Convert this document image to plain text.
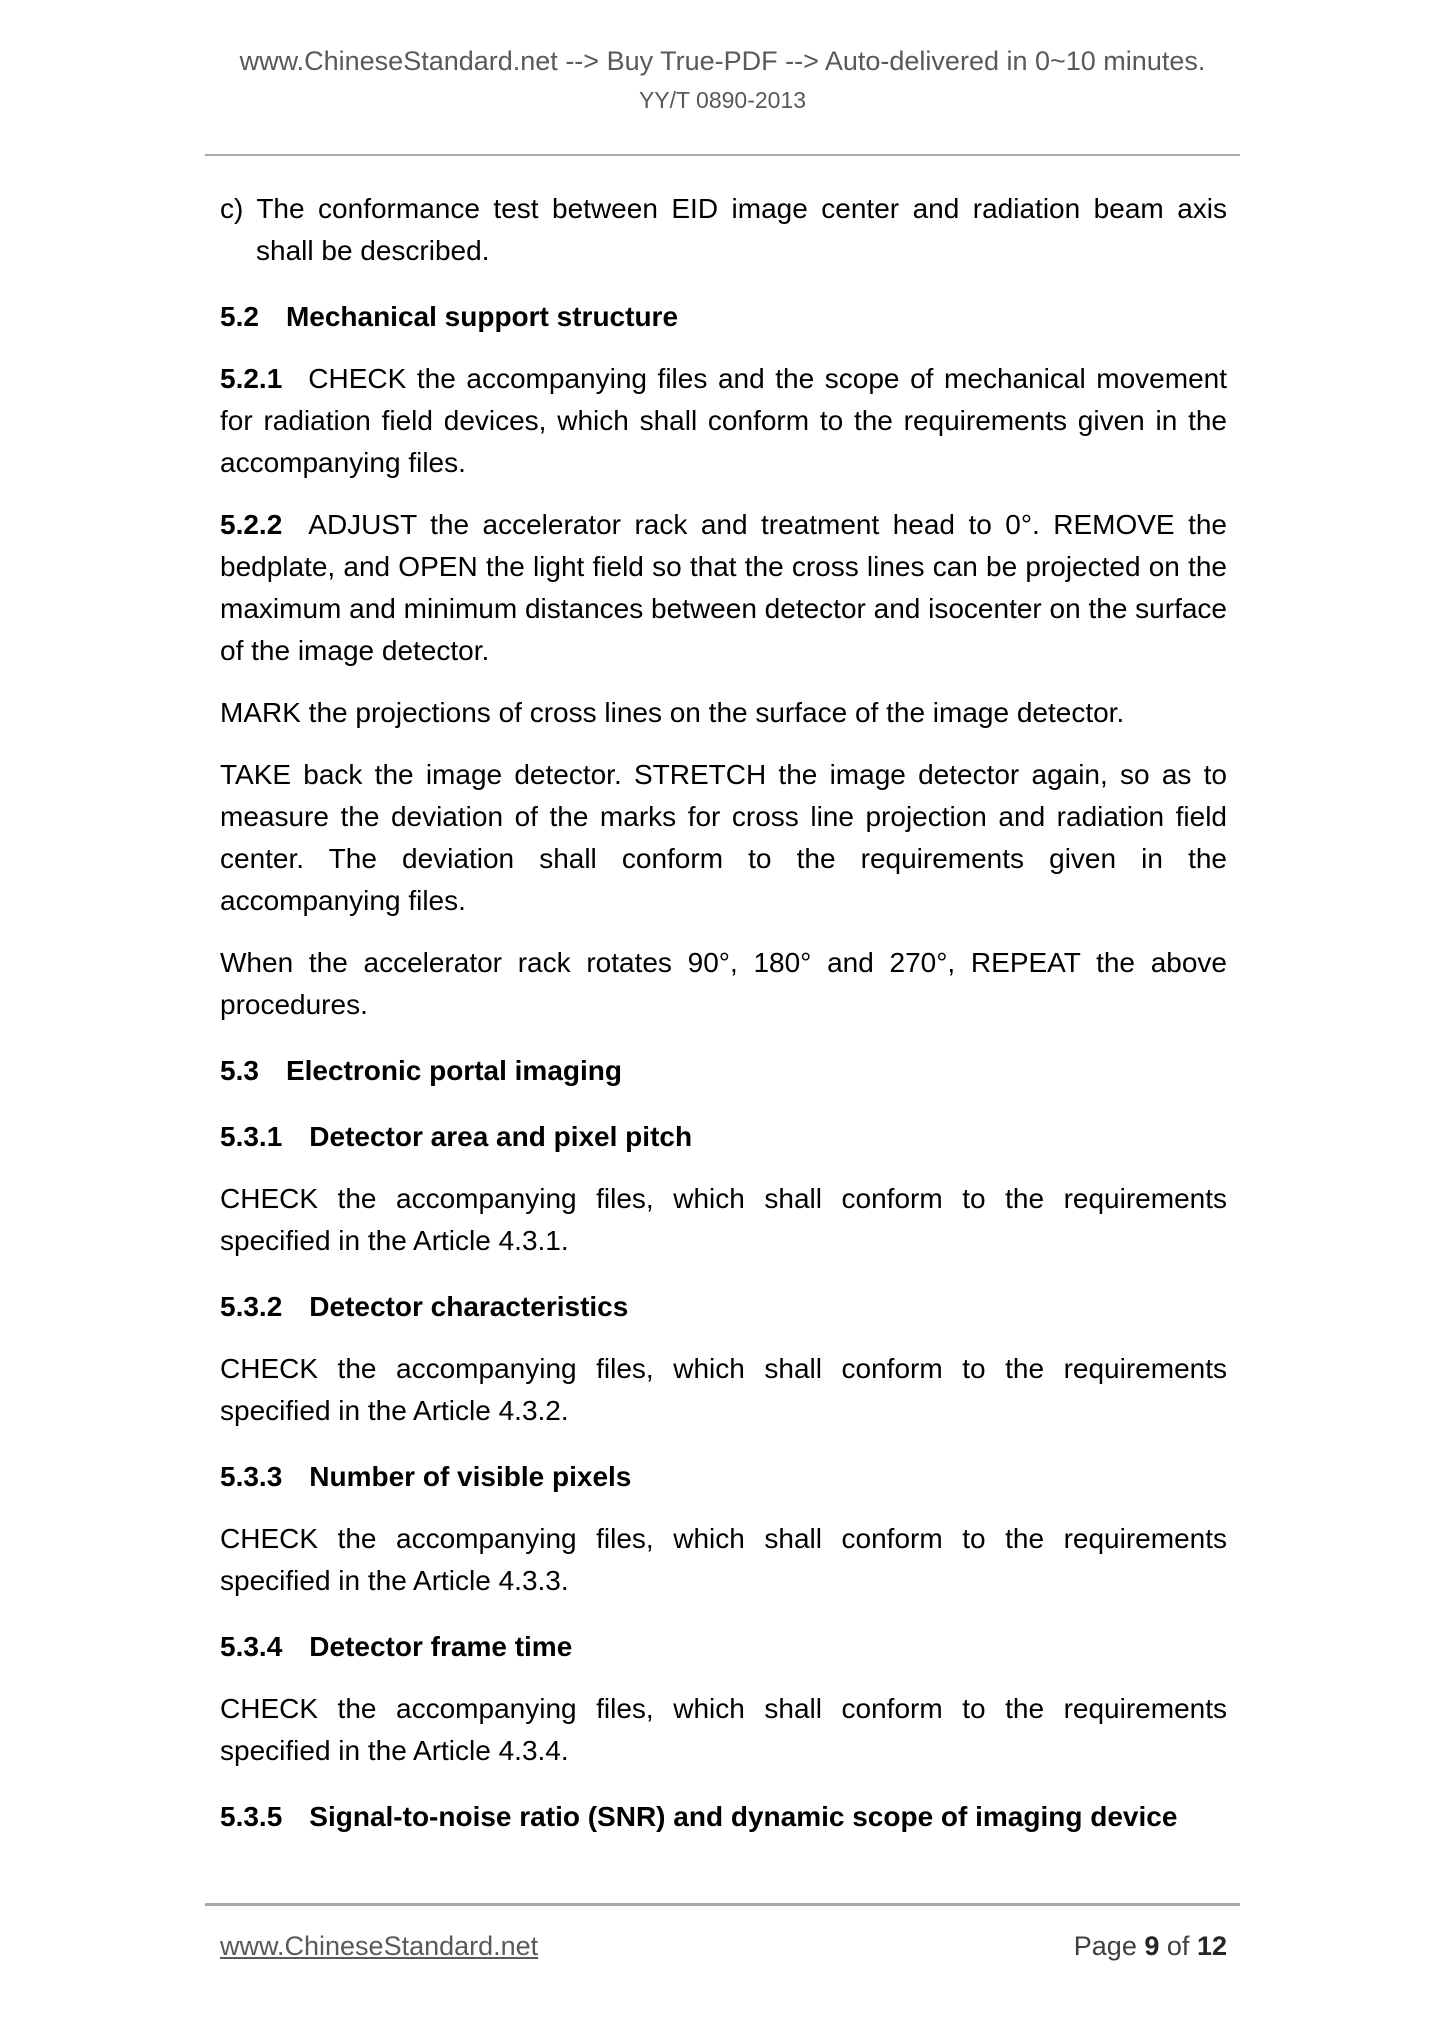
www.ChineseStandard.net --> Buy True-PDF --> Auto-delivered in 0~10 minutes.
YY/T 0890-2013

c) The conformance test between EID image center and radiation beam axis shall be described.

5.2 Mechanical support structure

5.2.1 CHECK the accompanying files and the scope of mechanical movement for radiation field devices, which shall conform to the requirements given in the accompanying files.

5.2.2 ADJUST the accelerator rack and treatment head to 0°. REMOVE the bedplate, and OPEN the light field so that the cross lines can be projected on the maximum and minimum distances between detector and isocenter on the surface of the image detector.

MARK the projections of cross lines on the surface of the image detector.

TAKE back the image detector. STRETCH the image detector again, so as to measure the deviation of the marks for cross line projection and radiation field center. The deviation shall conform to the requirements given in the accompanying files.

When the accelerator rack rotates 90°, 180° and 270°, REPEAT the above procedures.

5.3 Electronic portal imaging

5.3.1 Detector area and pixel pitch

CHECK the accompanying files, which shall conform to the requirements specified in the Article 4.3.1.

5.3.2 Detector characteristics

CHECK the accompanying files, which shall conform to the requirements specified in the Article 4.3.2.

5.3.3 Number of visible pixels

CHECK the accompanying files, which shall conform to the requirements specified in the Article 4.3.3.

5.3.4 Detector frame time

CHECK the accompanying files, which shall conform to the requirements specified in the Article 4.3.4.

5.3.5 Signal-to-noise ratio (SNR) and dynamic scope of imaging device

www.ChineseStandard.net	Page 9 of 12
